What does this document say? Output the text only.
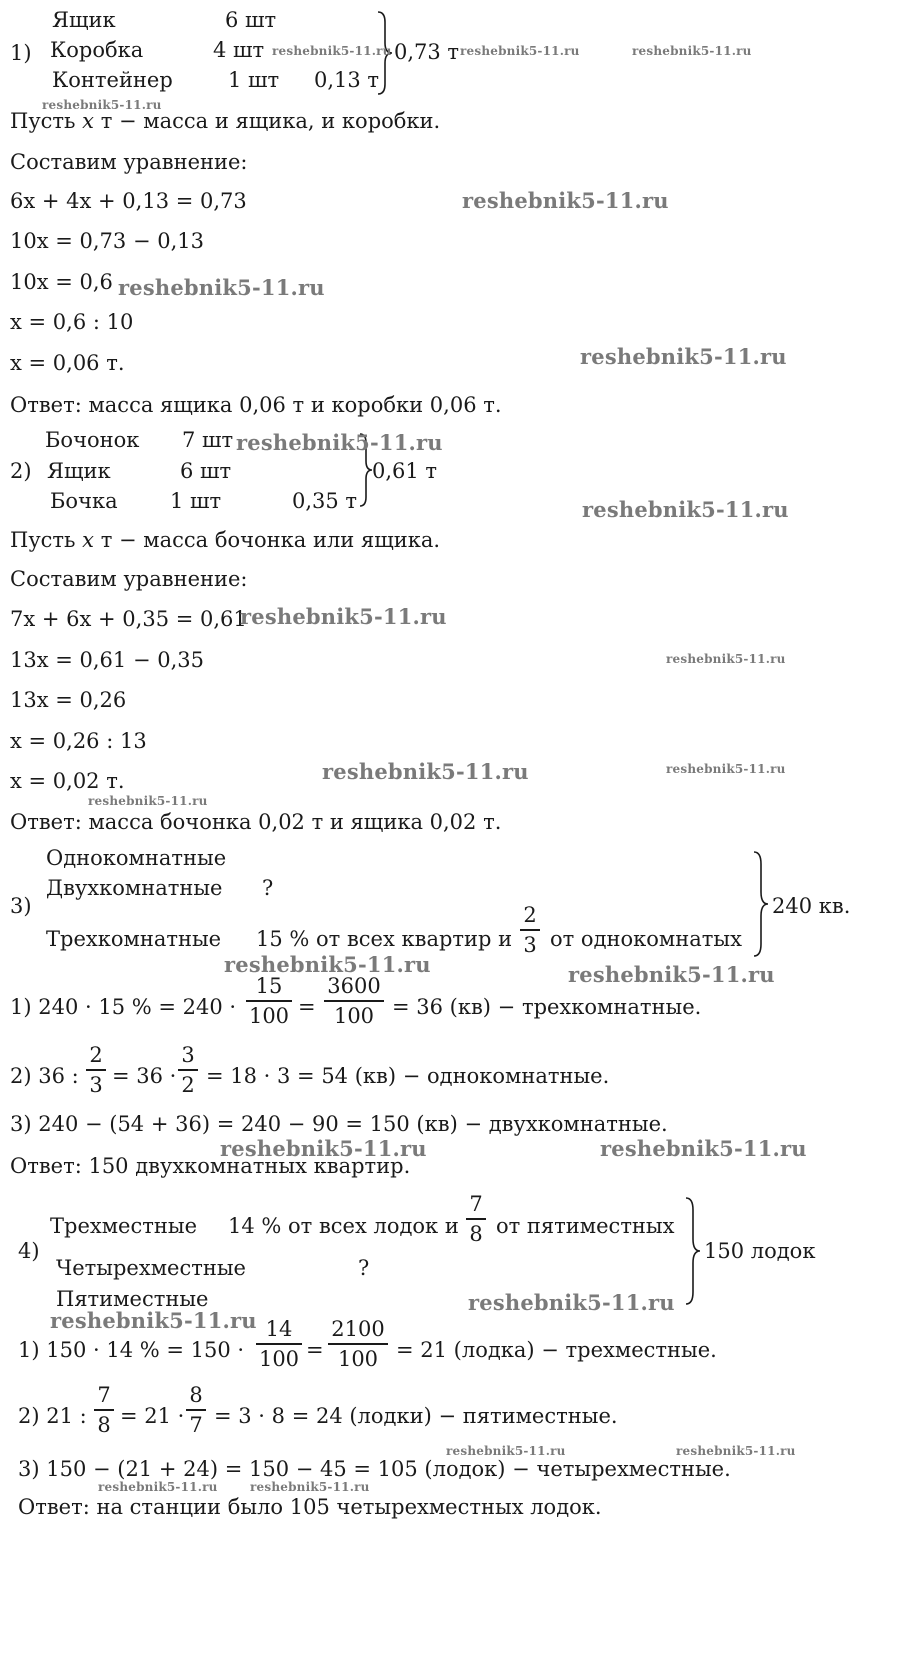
Ящик	6 шт
1) Коробка	4 шт
Контейнер	1 шт 0,13 т
0,73 т
Пусть x т − масса и ящика, и коробки.
Составим уравнение:
6x + 4x + 0,13 = 0,73
10x = 0,73 − 0,13
10x = 0,6
x = 0,6 : 10
x = 0,06 т.
Ответ: масса ящика 0,06 т и коробки 0,06 т.
Бочонок 7 шт
2) Ящик	6 шт
Бочка 1 шт	0,35 т
0,61 т
Пусть x т − масса бочонка или ящика.
Составим уравнение:
7x + 6x + 0,35 = 0,61
13x = 0,61 − 0,35
13x = 0,26
x = 0,26 : 13
x = 0,02 т.
Ответ: масса бочонка 0,02 т и ящика 0,02 т.
Однокомнатные
Двухкомнатные ?
3)
Трехкомнатные 15 % от всех квартир и
2
3 от однокомнатых
240 кв.
1) 240 · 15 % = 240 ·
15
100 =
3600
100 = 36 (кв) − трехкомнатные.
2) 36 :
2
3 = 36 ·
3
2 = 18 · 3 = 54 (кв) − однокомнатные.
3) 240 − (54 + 36) = 240 − 90 = 150 (кв) − двухкомнатные.
Ответ: 150 двухкомнатных квартир.
Трехместные 14 % от всех лодок и
7
8 от пятиместных
4)
Четырехместные	?
Пятиместные
150 лодок
1) 150 · 14 % = 150 ·
14
100 =
2100
100 = 21 (лодка) − трехместные.
2) 21 :
7
8 = 21 ·
8
7 = 3 · 8 = 24 (лодки) − пятиместные.
3) 150 − (21 + 24) = 150 − 45 = 105 (лодок) − четырехместные.
Ответ: на станции было 105 четырехместных лодок.
reshebnik5-11.ru	reshebnik5-11.ru	reshebnik5-11.ru
reshebnik5-11.ru
reshebnik5-11.ru
reshebnik5-11.ru
reshebnik5-11.ru
reshebnik5-11.ru
reshebnik5-11.ru
reshebnik5-11.ru
reshebnik5-11.ru
reshebnik5-11.ru	reshebnik5-11.ru
reshebnik5-11.ru
reshebnik5-11.ru	reshebnik5-11.ru
reshebnik5-11.ru	reshebnik5-11.ru
reshebnik5-11.ru
reshebnik5-11.ru
reshebnik5-11.ru	reshebnik5-11.ru
reshebnik5-11.ru	reshebnik5-11.ru
